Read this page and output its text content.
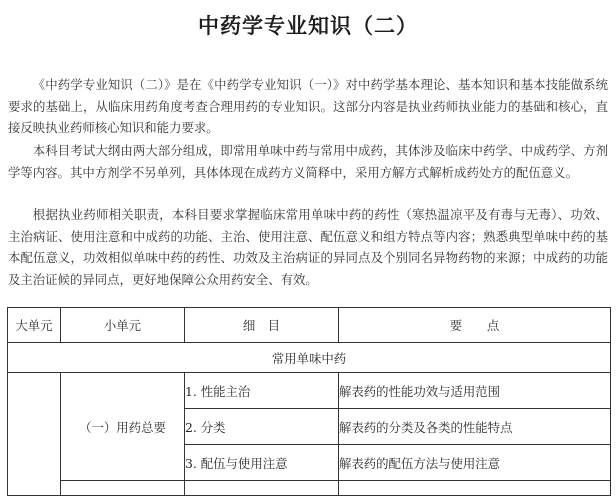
中药学专业知识（二）

《中药学专业知识（二）》是在《中药学专业知识（一）》对中药学基本理论、基本知识和基本技能做系统要求的基础上，从临床用药角度考查合理用药的专业知识。这部分内容是执业药师执业能力的基础和核心，直接反映执业药师核心知识和能力要求。

本科目考试大纲由两大部分组成，即常用单味中药与常用中成药，其体涉及临床中药学、中成药学、方剂学等内容。其中方剂学不另单列，具体体现在成药方义简释中，采用方解方式解析成药处方的配伍意义。

根据执业药师相关职责，本科目要求掌握临床常用单味中药的药性（寒热温凉平及有毒与无毒）、功效、主治病证、使用注意和中成药的功能、主治、使用注意、配伍意义和组方特点等内容；熟悉典型单味中药的基本配伍意义，功效相似单味中药的药性、功效及主治病证的异同点及个别同名异物药物的来源；中成药的功能及主治证候的异同点，更好地保障公众用药安全、有效。

大单元	小单元	细　目	要　　点
常用单味中药			
	（一）用药总要	1. 性能主治	解表药的性能功效与适用范围
		2. 分类	解表药的分类及各类的性能特点
		3. 配伍与使用注意	解表药的配伍方法与使用注意
